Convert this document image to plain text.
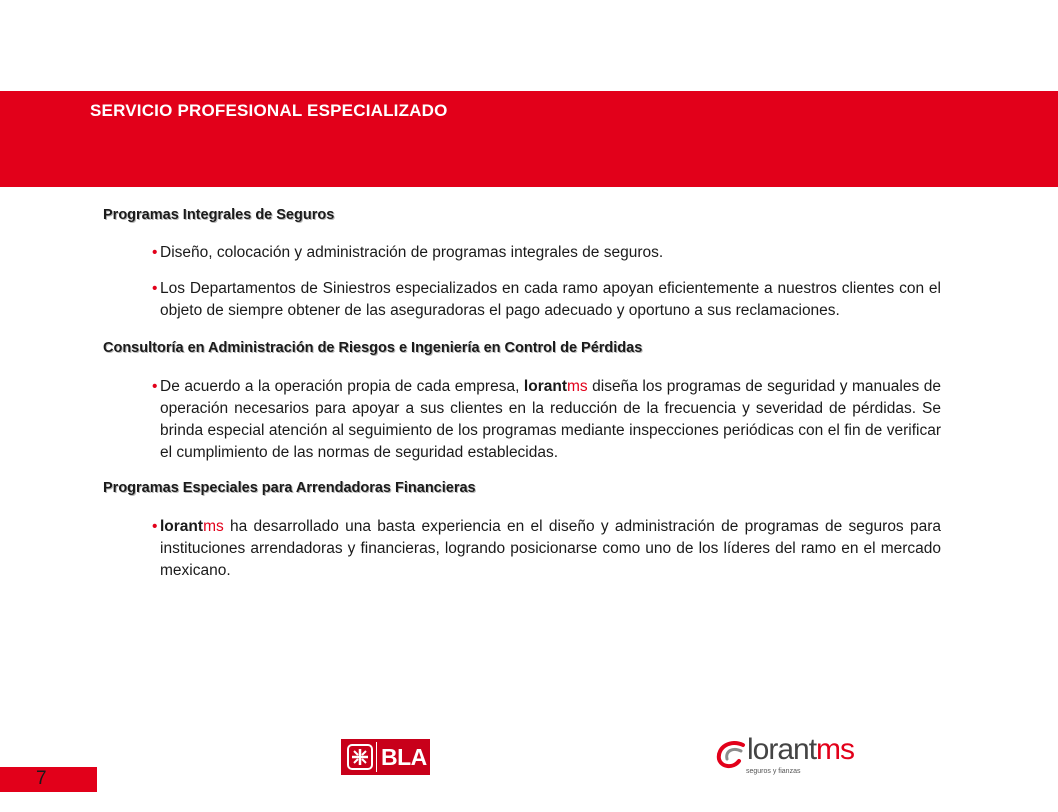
SERVICIO PROFESIONAL ESPECIALIZADO

Programas Integrales de Seguros

• Diseño, colocación y administración de programas integrales de seguros.
• Los Departamentos de Siniestros especializados en cada ramo apoyan eficientemente a nuestros clientes con el objeto de siempre obtener de las aseguradoras el pago adecuado y oportuno a sus reclamaciones.

Consultoría en Administración de Riesgos e Ingeniería en Control de Pérdidas

• De acuerdo a la operación propia de cada empresa, lorantms diseña los programas de seguridad y manuales de operación necesarios para apoyar a sus clientes en la reducción de la frecuencia y severidad de pérdidas. Se brinda especial atención al seguimiento de los programas mediante inspecciones periódicas con el fin de verificar el cumplimiento de las normas de seguridad establecidas.

Programas Especiales para Arrendadoras Financieras

• lorantms ha desarrollado una basta experiencia en el diseño y administración de programas de seguros para instituciones arrendadoras y financieras, logrando posicionarse como uno de los líderes del ramo en el mercado mexicano.
7
BLA	lorantms
seguros y fianzas
